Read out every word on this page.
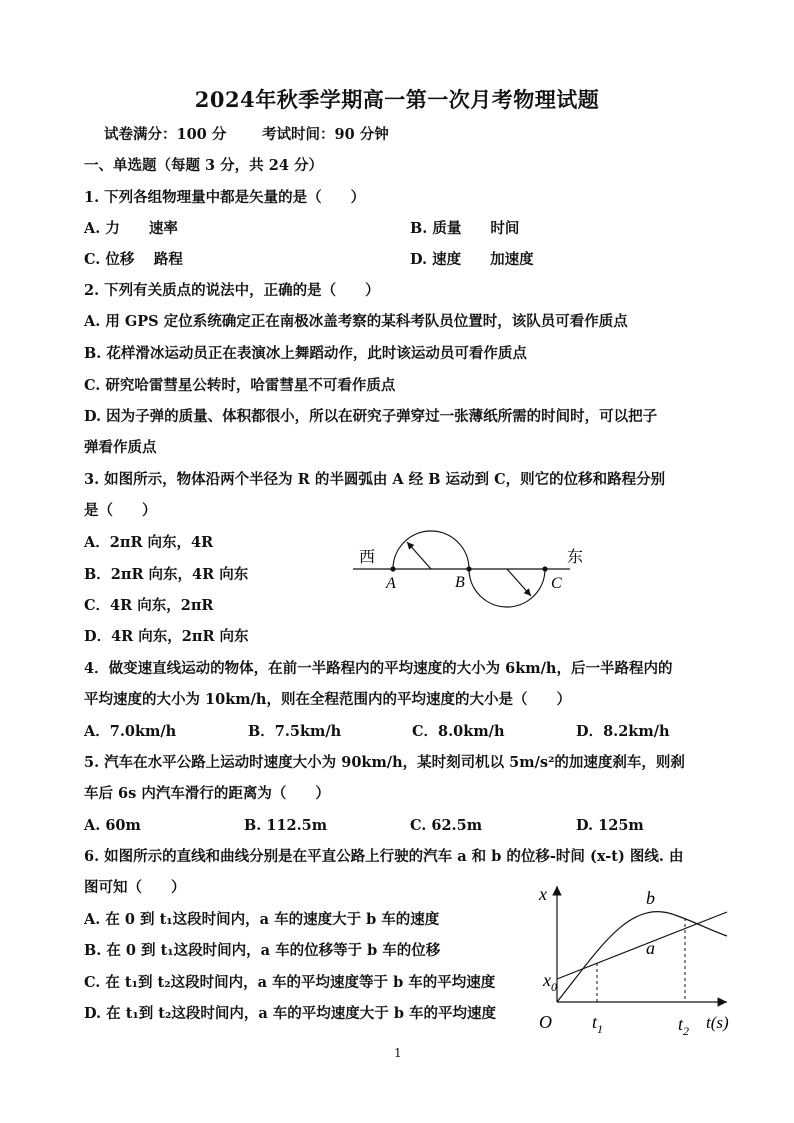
2024年秋季学期高一第一次月考物理试题
试卷满分：100 分 考试时间：90 分钟
一、单选题（每题 3 分，共 24 分）
1. 下列各组物理量中都是矢量的是（　　）
A. 力　　速率	B. 质量　　时间
C. 位移　 路程	D. 速度　　加速度
2. 下列有关质点的说法中，正确的是（　　）
A. 用 GPS 定位系统确定正在南极冰盖考察的某科考队员位置时，该队员可看作质点
B. 花样滑冰运动员正在表演冰上舞蹈动作，此时该运动员可看作质点
C. 研究哈雷彗星公转时，哈雷彗星不可看作质点
D. 因为子弹的质量、体积都很小，所以在研究子弹穿过一张薄纸所需的时间时，可以把子
弹看作质点
3. 如图所示，物体沿两个半径为 R 的半圆弧由 A 经 B 运动到 C，则它的位移和路程分别
是（　　）
A．2πR 向东，4R
B．2πR 向东，4R 向东
C．4R 向东，2πR
D．4R 向东，2πR 向东
西	东
A	B	C
4．做变速直线运动的物体，在前一半路程内的平均速度的大小为 6km/h，后一半路程内的
平均速度的大小为 10km/h，则在全程范围内的平均速度的大小是（　　）
A．7.0km/h	B．7.5km/h	C．8.0km/h	D．8.2km/h
5. 汽车在水平公路上运动时速度大小为 90km/h，某时刻司机以 5m/s²的加速度刹车，则刹
车后 6s 内汽车滑行的距离为（　　）
A. 60m	B. 112.5m	C. 62.5m	D. 125m
6. 如图所示的直线和曲线分别是在平直公路上行驶的汽车 a 和 b 的位移-时间 (x-t) 图线. 由
图可知（　　）
A. 在 0 到 t₁这段时间内，a 车的速度大于 b 车的速度
B. 在 0 到 t₁这段时间内，a 车的位移等于 b 车的位移
C. 在 t₁到 t₂这段时间内，a 车的平均速度等于 b 车的平均速度
D. 在 t₁到 t₂这段时间内，a 车的平均速度大于 b 车的平均速度
x
$x_0$
O $t_1$	$t_2$ t(s)
b
a
1
